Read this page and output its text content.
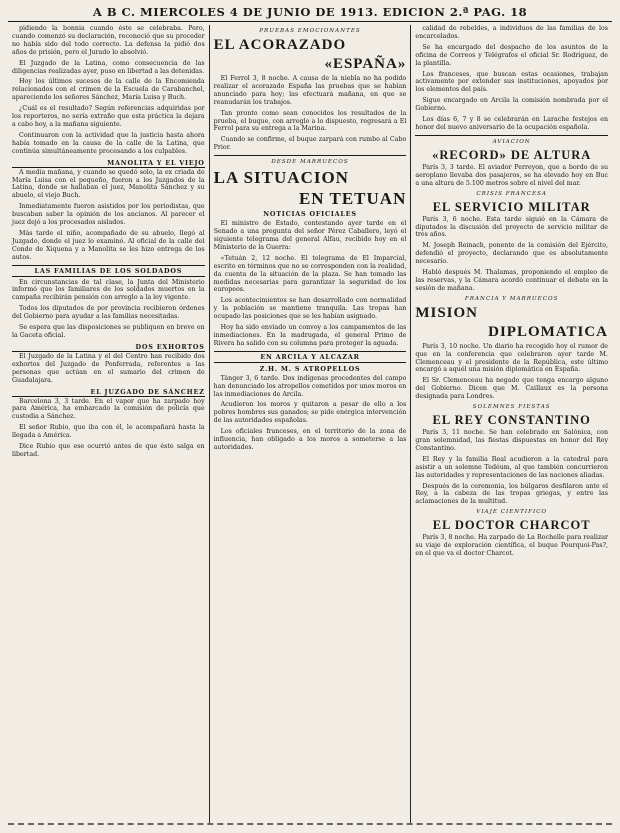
A B C. MIERCOLES 4 DE JUNIO DE 1913. EDICION 2.ª PAG. 18

pidiendo la bonnia cuando éste se celebraba. Pero, cuando comenzó su declaración, reconoció que su proceder no había sido del todo correcto. La defensa la pidió dos años de prisión, pero el Jurado lo absolvió.

El Juzgado de la Latina, como consecuencia de las diligencias realizadas ayer, puso en libertad a las detenidas.

Hoy los últimos sucesos de la calle de la Encomienda relacionados con el crimen de la Escuela de Carabanchel, apareciendo los señores Sánchez, María Luisa y Buch.

¿Cuál es el resultado? Según referencias adquiridas por los reporteros, no sería extraño que esta práctica la dejara a cabo hoy, a la mañana siguiente.

Continuaron con la actividad que la justicia hasta ahora había tomado en la causa de la calle de la Latina, que continúa simultáneamente procesando a los culpables.

MANOLITA Y EL VIEJO

A media mañana, y cuando se quedó solo, la ex criada de María Luisa con el pequeño, fueron a los Juzgados de la Latina, donde se hallaban el juez, Manolita Sánchez y su abuelo, el viejo Buch.

Inmediatamente fueron asistidos por los periodistas, que buscaban saber la opinión de los ancianos. Al parecer el juez dejó a los procesados aislados.

Más tarde el niño, acompañado de su abuelo, llegó al Juzgado, donde el juez lo examinó. Al oficial de la calle del Conde de Xiquena y a Manolita se les hizo entrega de los autos.

LAS FAMILIAS DE LOS SOLDADOS

En circunstancias de tal clase, la Junta del Ministerio informó que los familiares de los soldados muertos en la campaña recibirán pensión con arreglo a la ley vigente.

Todos los diputados de por provincia recibieron órdenes del Gobierno para ayudar a las familias necesitadas.

Se espera que las disposiciones se publiquen en breve en la Gaceta oficial.

DOS EXHORTOS

El Juzgado de la Latina y el del Centro han recibido dos exhortos del Juzgado de Ponferrada, referentes a las personas que actúan en el sumario del crimen de Guadalajara.

EL JUZGADO DE SÁNCHEZ

Barcelona 3, 3 tarde. En el vapor que ha zarpado hoy para América, ha embarcado la comisión de policía que custodia a Sánchez.

El señor Rubio, que iba con él, le acompañará hasta la llegada a América.

Dice Rubio que ese ocurrió antes de que éste salga en libertad.

PRUEBAS EMOCIONANTES
EL ACORAZADO
«ESPAÑA»

El Ferrol 3, 8 noche. A causa de la niebla no ha podido realizar el acorazado España las pruebas que se habían anunciado para hoy; las efectuará mañana, en que se reanudarán los trabajos.

Tan pronto como sean conocidos los resultados de la prueba, el buque, con arreglo a lo dispuesto, regresará a El Ferrol para su entrega a la Marina.

Cuando se confirme, el buque zarpará con rumbo al Cabo Prior.

DESDE MARRUECOS
LA SITUACION
EN TETUAN
NOTICIAS OFICIALES

El ministro de Estado, contestando ayer tarde en el Senado a una pregunta del señor Pérez Caballero, leyó el siguiente telegrama del general Alfau, recibido hoy en el Ministerio de la Guerra:

«Tetuán 2, 12 noche. El telegrama de El Imparcial, escrito en términos que no se corresponden con la realidad, da cuenta de la situación de la plaza. Se han tomado las medidas necesarias para garantizar la seguridad de los europeos.

Los acontecimientos se han desarrollado con normalidad y la población se mantiene tranquila. Las tropas han ocupado las posiciones que se les habían asignado.

Hoy ha sido enviado un convoy a los campamentos de las inmediaciones. En la madrugada, el general Primo de Rivera ha salido con su columna para proteger la aguada.

EN ARCILA Y ALCAZAR
Z.H. M. S ATROPELLOS

Tánger 3, 6 tarde. Dos indígenas procedentes del campo han denunciado los atropellos cometidos por unos moros en las inmediaciones de Arcila.

Acudieron los moros y quitaron a pesar de ello a los pobres hombres sus ganados; se pide enérgica intervención de las autoridades españolas.

Los oficiales franceses, en el territorio de la zona de influencia, han obligado a los moros a someterse a las autoridades.

calidad de rebeldes, a individuos de las familias de los encarcelados.

Se ha encargado del despacho de los asuntos de la oficina de Correos y Telégrafos el oficial Sr. Rodríguez, de la plantilla.

Los franceses, que buscan estas ocasiones, trabajan activamente por extender sus instituciones, apoyados por los elementos del país.

Sigue encargado en Arcila la comisión nombrada por el Gobierno.

Los días 6, 7 y 8 se celebrarán en Larache festejos en honor del nuevo aniversario de la ocupación española.

AVIACION
«RECORD» DE ALTURA

París 3, 3 tarde. El aviador Perreyon, que a bordo de su aeroplano llevaba dos pasajeros, se ha elevado hoy en Buc a una altura de 5.100 metros sobre el nivel del mar.

CRISIS FRANCESA
EL SERVICIO MILITAR

París 3, 6 noche. Esta tarde siguió en la Cámara de diputados la discusión del proyecto de servicio militar de tres años.

M. Joseph Reinach, ponente de la comisión del Ejército, defendió el proyecto, declarando que es absolutamente necesario.

Habló después M. Thalamas, proponiendo el empleo de las reservas, y la Cámara acordó continuar el debate en la sesión de mañana.

FRANCIA Y MARRUECOS
MISION
DIPLOMATICA

París 3, 10 noche. Un diario ha recogido hoy el rumor de que en la conferencia que celebraron ayer tarde M. Clemenceau y el presidente de la República, este último encargó a aquél una misión diplomática en España.

El Sr. Clemenceau ha negado que tenga encargo alguno del Gobierno. Dicen que M. Caillaux es la persona designada para Londres.

SOLEMNES FIESTAS
EL REY CONSTANTINO

París 3, 11 noche. Se han celebrado en Salónica, con gran solemnidad, las fiestas dispuestas en honor del Rey Constantino.

El Rey y la familia Real acudieron a la catedral para asistir a un solemne Tedéum, al que también concurrieron las autoridades y representaciones de las naciones aliadas.

Después de la ceremonia, los búlgaros desfilaron ante el Rey, a la cabeza de las tropas griegas, y entre las aclamaciones de la multitud.

VIAJE CIENTIFICO
EL DOCTOR CHARCOT

París 3, 8 noche. Ha zarpado de La Rochelle para realizar su viaje de exploración científica, el buque Pourquoi-Pas?, en el que va el doctor Charcot.
